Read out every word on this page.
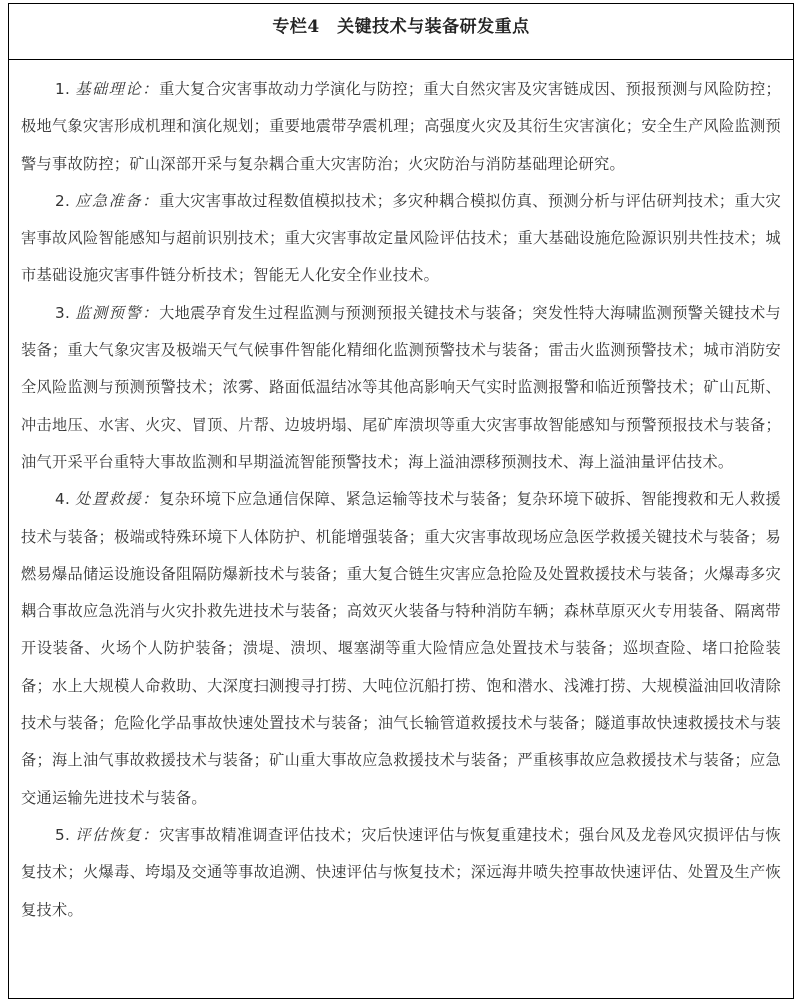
专栏4　关键技术与装备研发重点

1. 基础理论：重大复合灾害事故动力学演化与防控；重大自然灾害及灾害链成因、预报预测与风险防控；极地气象灾害形成机理和演化规划；重要地震带孕震机理；高强度火灾及其衍生灾害演化；安全生产风险监测预警与事故防控；矿山深部开采与复杂耦合重大灾害防治；火灾防治与消防基础理论研究。

2. 应急准备：重大灾害事故过程数值模拟技术；多灾种耦合模拟仿真、预测分析与评估研判技术；重大灾害事故风险智能感知与超前识别技术；重大灾害事故定量风险评估技术；重大基础设施危险源识别共性技术；城市基础设施灾害事件链分析技术；智能无人化安全作业技术。

3. 监测预警：大地震孕育发生过程监测与预测预报关键技术与装备；突发性特大海啸监测预警关键技术与装备；重大气象灾害及极端天气气候事件智能化精细化监测预警技术与装备；雷击火监测预警技术；城市消防安全风险监测与预测预警技术；浓雾、路面低温结冰等其他高影响天气实时监测报警和临近预警技术；矿山瓦斯、冲击地压、水害、火灾、冒顶、片帮、边坡坍塌、尾矿库溃坝等重大灾害事故智能感知与预警预报技术与装备；油气开采平台重特大事故监测和早期溢流智能预警技术；海上溢油漂移预测技术、海上溢油量评估技术。

4. 处置救援：复杂环境下应急通信保障、紧急运输等技术与装备；复杂环境下破拆、智能搜救和无人救援技术与装备；极端或特殊环境下人体防护、机能增强装备；重大灾害事故现场应急医学救援关键技术与装备；易燃易爆品储运设施设备阻隔防爆新技术与装备；重大复合链生灾害应急抢险及处置救援技术与装备；火爆毒多灾耦合事故应急洗消与火灾扑救先进技术与装备；高效灭火装备与特种消防车辆；森林草原灭火专用装备、隔离带开设装备、火场个人防护装备；溃堤、溃坝、堰塞湖等重大险情应急处置技术与装备；巡坝查险、堵口抢险装备；水上大规模人命救助、大深度扫测搜寻打捞、大吨位沉船打捞、饱和潜水、浅滩打捞、大规模溢油回收清除技术与装备；危险化学品事故快速处置技术与装备；油气长输管道救援技术与装备；隧道事故快速救援技术与装备；海上油气事故救援技术与装备；矿山重大事故应急救援技术与装备；严重核事故应急救援技术与装备；应急交通运输先进技术与装备。

5. 评估恢复：灾害事故精准调查评估技术；灾后快速评估与恢复重建技术；强台风及龙卷风灾损评估与恢复技术；火爆毒、垮塌及交通等事故追溯、快速评估与恢复技术；深远海井喷失控事故快速评估、处置及生产恢复技术。
